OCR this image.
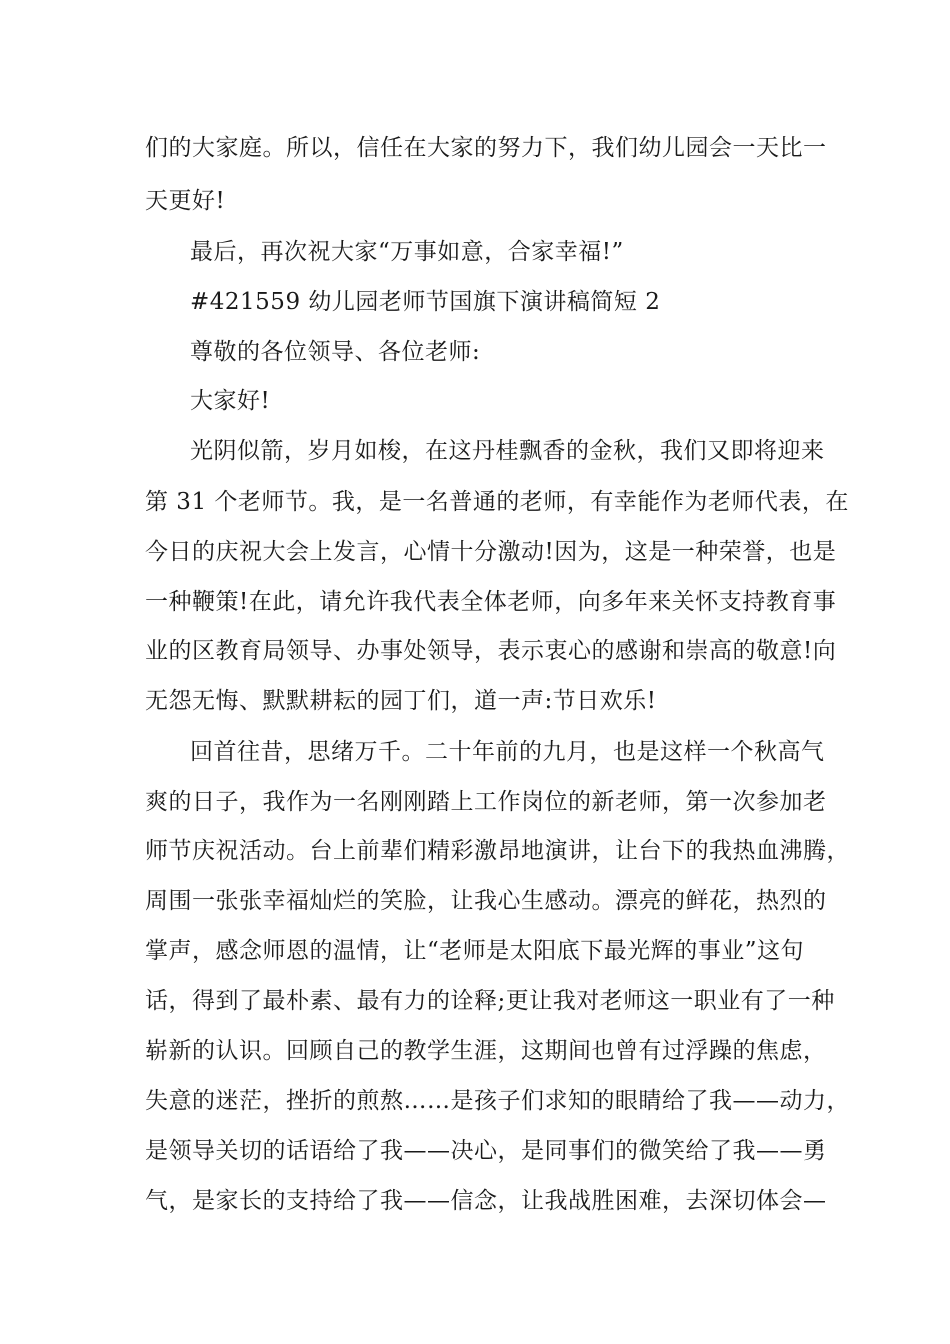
们的大家庭。所以，信任在大家的努力下，我们幼儿园会一天比一
天更好!
最后，再次祝大家“万事如意，合家幸福!”
#421559 幼儿园老师节国旗下演讲稿简短 2
尊敬的各位领导、各位老师:
大家好!
光阴似箭，岁月如梭，在这丹桂飘香的金秋，我们又即将迎来
第 31 个老师节。我，是一名普通的老师，有幸能作为老师代表，在
今日的庆祝大会上发言，心情十分激动!因为，这是一种荣誉，也是
一种鞭策!在此，请允许我代表全体老师，向多年来关怀支持教育事
业的区教育局领导、办事处领导，表示衷心的感谢和崇高的敬意!向
无怨无悔、默默耕耘的园丁们，道一声:节日欢乐!
回首往昔，思绪万千。二十年前的九月，也是这样一个秋高气
爽的日子，我作为一名刚刚踏上工作岗位的新老师，第一次参加老
师节庆祝活动。台上前辈们精彩激昂地演讲，让台下的我热血沸腾，
周围一张张幸福灿烂的笑脸，让我心生感动。漂亮的鲜花，热烈的
掌声，感念师恩的温情，让“老师是太阳底下最光辉的事业”这句
话，得到了最朴素、最有力的诠释;更让我对老师这一职业有了一种
崭新的认识。回顾自己的教学生涯，这期间也曾有过浮躁的焦虑，
失意的迷茫，挫折的煎熬……是孩子们求知的眼睛给了我——动力，
是领导关切的话语给了我——决心，是同事们的微笑给了我——勇
气，是家长的支持给了我——信念，让我战胜困难，去深切体会—
